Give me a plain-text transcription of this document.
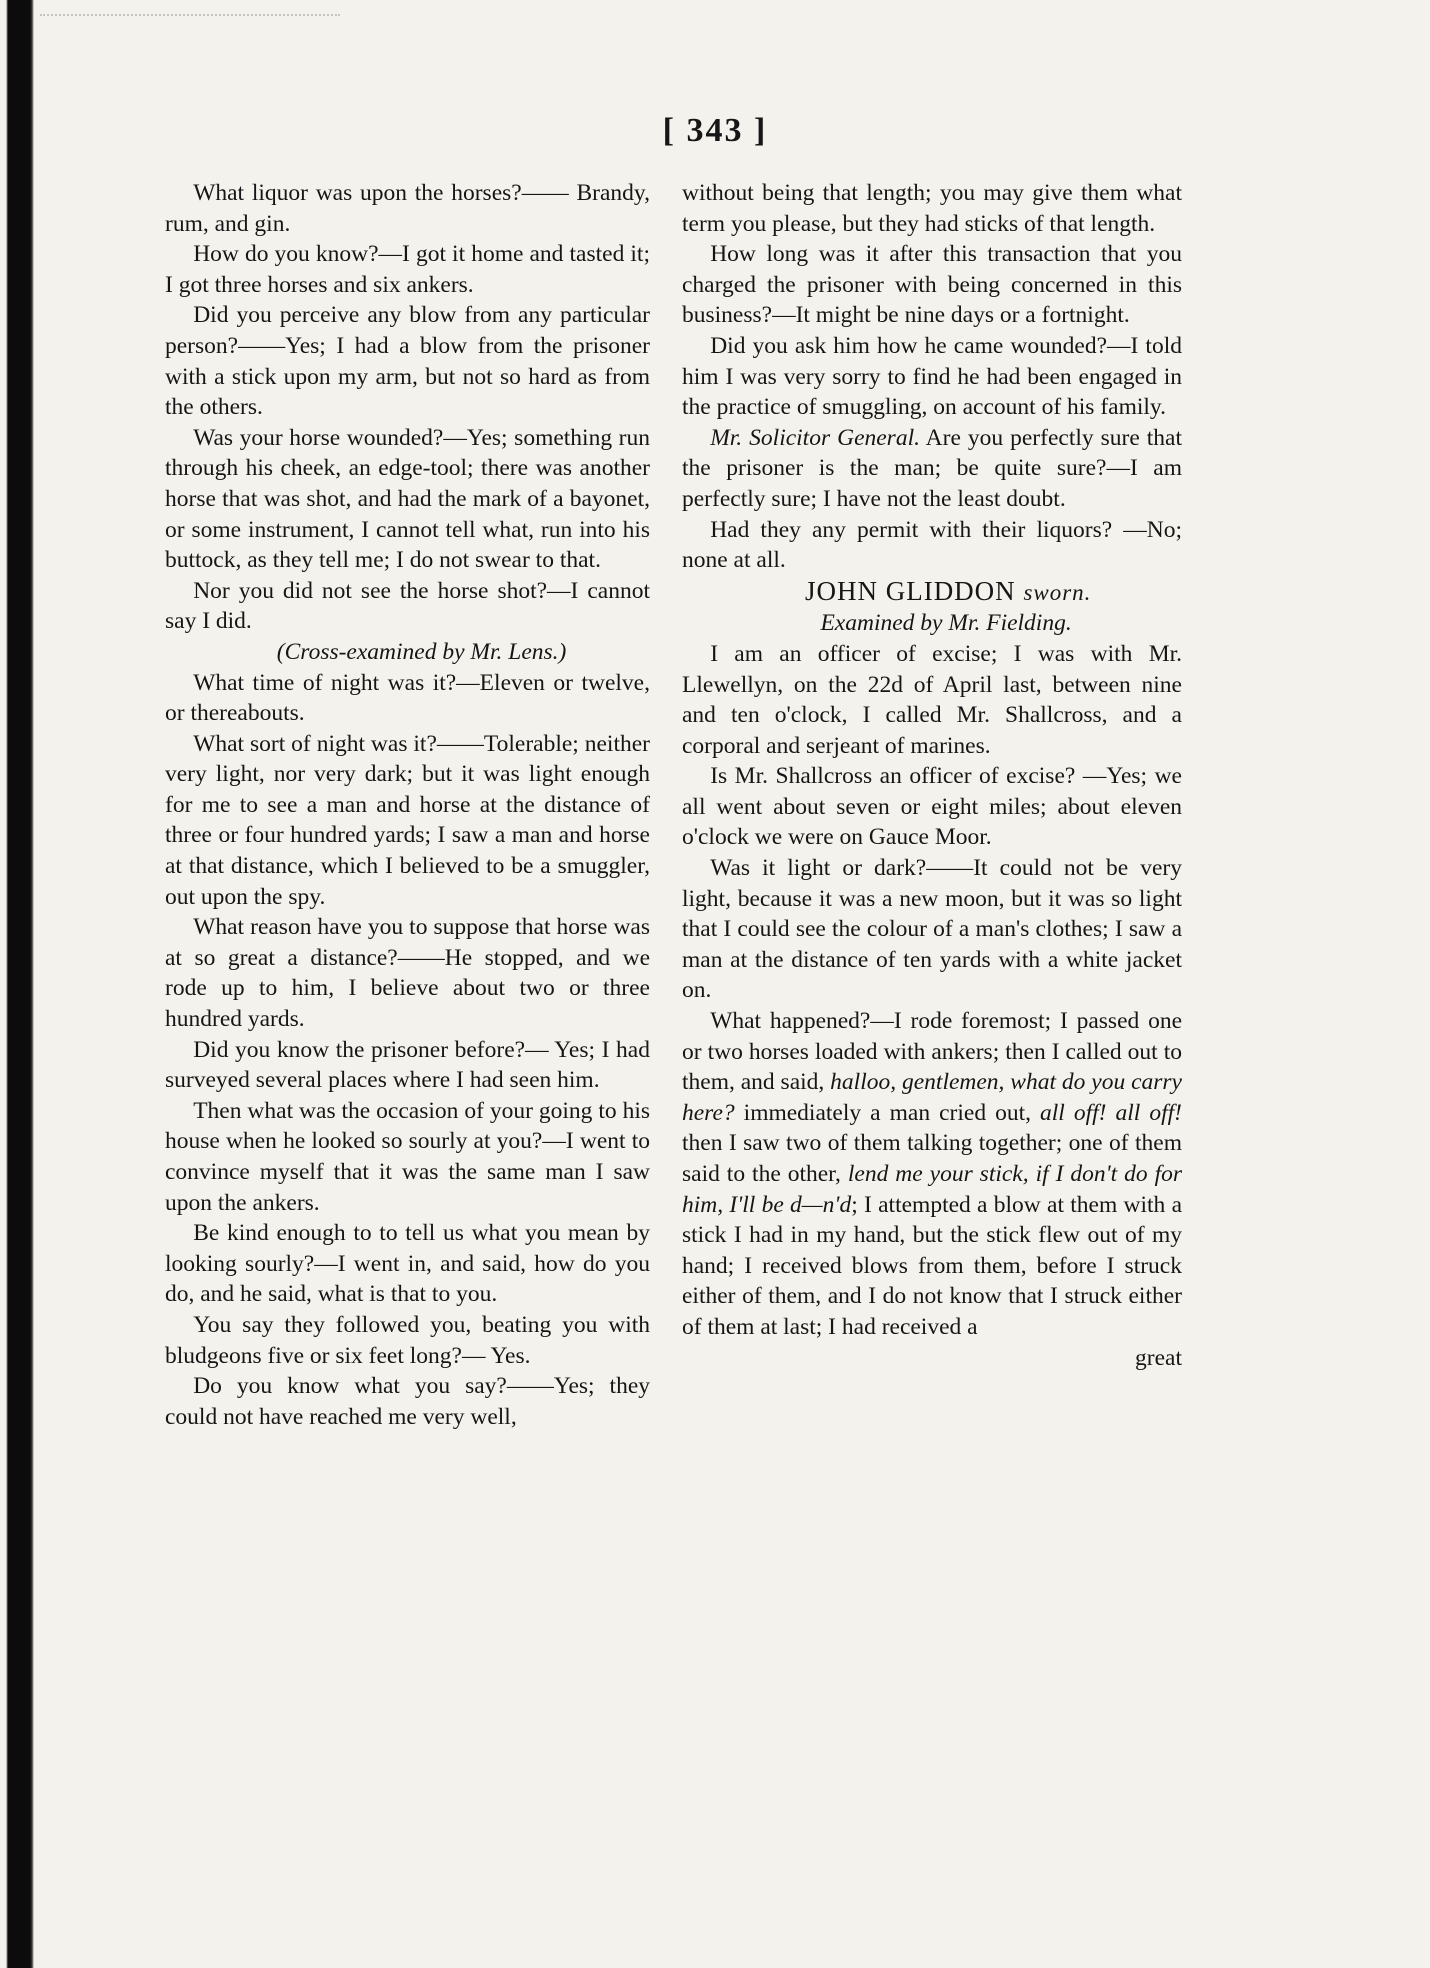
[ 343 ]

What liquor was upon the horses?—— Brandy, rum, and gin.

How do you know?—I got it home and tasted it; I got three horses and six ankers.

Did you perceive any blow from any particular person?——Yes; I had a blow from the prisoner with a stick upon my arm, but not so hard as from the others.

Was your horse wounded?—Yes; something run through his cheek, an edge-tool; there was another horse that was shot, and had the mark of a bayonet, or some instrument, I cannot tell what, run into his buttock, as they tell me; I do not swear to that.

Nor you did not see the horse shot?—I cannot say I did.

(Cross-examined by Mr. Lens.)

What time of night was it?—Eleven or twelve, or thereabouts.

What sort of night was it?——Tolerable; neither very light, nor very dark; but it was light enough for me to see a man and horse at the distance of three or four hundred yards; I saw a man and horse at that distance, which I believed to be a smuggler, out upon the spy.

What reason have you to suppose that horse was at so great a distance?——He stopped, and we rode up to him, I believe about two or three hundred yards.

Did you know the prisoner before?— Yes; I had surveyed several places where I had seen him.

Then what was the occasion of your going to his house when he looked so sourly at you?—I went to convince myself that it was the same man I saw upon the ankers.

Be kind enough to to tell us what you mean by looking sourly?—I went in, and said, how do you do, and he said, what is that to you.

You say they followed you, beating you with bludgeons five or six feet long?— Yes.

Do you know what you say?——Yes; they could not have reached me very well,

without being that length; you may give them what term you please, but they had sticks of that length.

How long was it after this transaction that you charged the prisoner with being concerned in this business?—It might be nine days or a fortnight.

Did you ask him how he came wounded?—I told him I was very sorry to find he had been engaged in the practice of smuggling, on account of his family.

Mr. Solicitor General. Are you perfectly sure that the prisoner is the man; be quite sure?—I am perfectly sure; I have not the least doubt.

Had they any permit with their liquors? —No; none at all.

JOHN GLIDDON sworn.

Examined by Mr. Fielding.

I am an officer of excise; I was with Mr. Llewellyn, on the 22d of April last, between nine and ten o'clock, I called Mr. Shallcross, and a corporal and serjeant of marines.

Is Mr. Shallcross an officer of excise? —Yes; we all went about seven or eight miles; about eleven o'clock we were on Gauce Moor.

Was it light or dark?——It could not be very light, because it was a new moon, but it was so light that I could see the colour of a man's clothes; I saw a man at the distance of ten yards with a white jacket on.

What happened?—I rode foremost; I passed one or two horses loaded with ankers; then I called out to them, and said, halloo, gentlemen, what do you carry here? immediately a man cried out, all off! all off! then I saw two of them talking together; one of them said to the other, lend me your stick, if I don't do for him, I'll be d—n'd; I attempted a blow at them with a stick I had in my hand, but the stick flew out of my hand; I received blows from them, before I struck either of them, and I do not know that I struck either of them at last; I had received a

great
